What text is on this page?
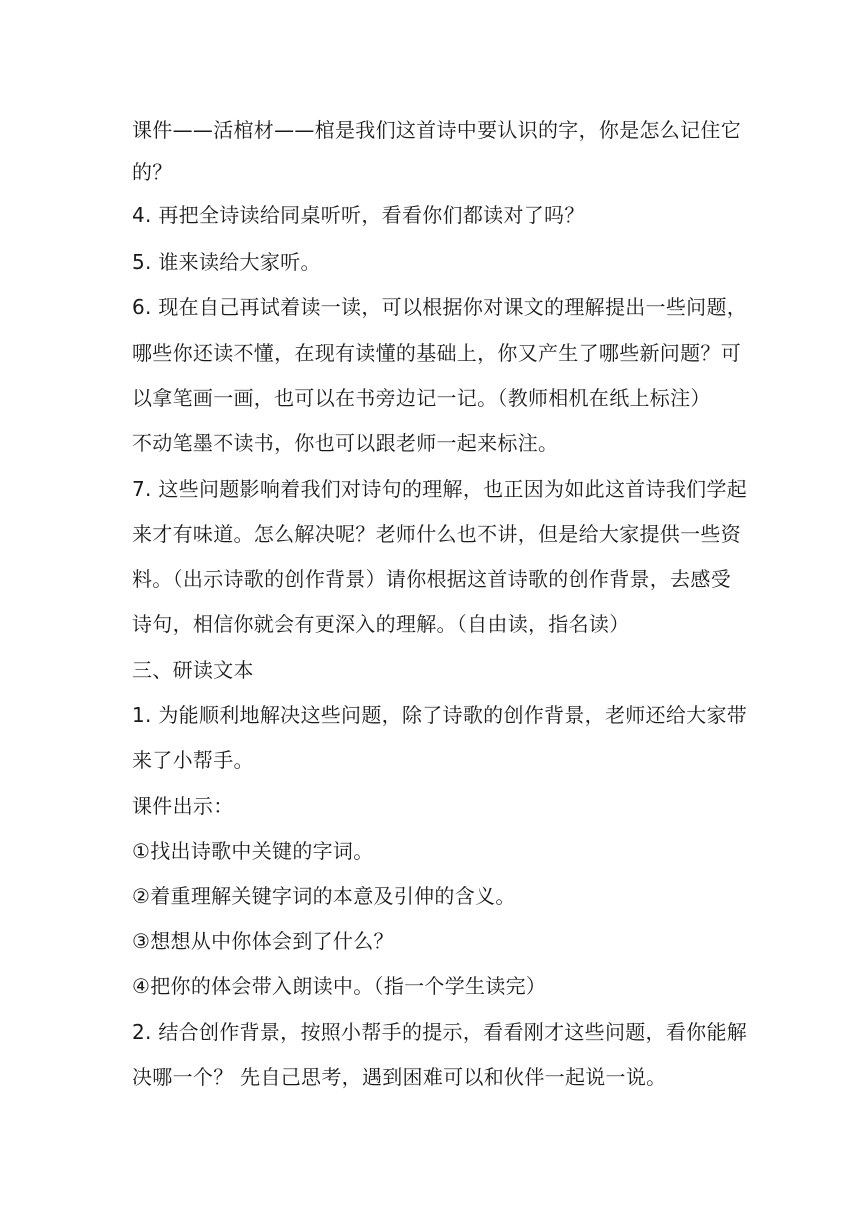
课件——活棺材——棺是我们这首诗中要认识的字，你是怎么记住它
的？
4. 再把全诗读给同桌听听，看看你们都读对了吗？
5. 谁来读给大家听。
6. 现在自己再试着读一读，可以根据你对课文的理解提出一些问题，
哪些你还读不懂，在现有读懂的基础上，你又产生了哪些新问题？可
以拿笔画一画，也可以在书旁边记一记。（教师相机在纸上标注）
不动笔墨不读书，你也可以跟老师一起来标注。
7. 这些问题影响着我们对诗句的理解，也正因为如此这首诗我们学起
来才有味道。怎么解决呢？老师什么也不讲，但是给大家提供一些资
料。（出示诗歌的创作背景）请你根据这首诗歌的创作背景，去感受
诗句，相信你就会有更深入的理解。（自由读，指名读）
三、研读文本
1. 为能顺利地解决这些问题，除了诗歌的创作背景，老师还给大家带
来了小帮手。
课件出示：
①找出诗歌中关键的字词。
②着重理解关键字词的本意及引伸的含义。
③想想从中你体会到了什么？
④把你的体会带入朗读中。（指一个学生读完）
2. 结合创作背景，按照小帮手的提示，看看刚才这些问题，看你能解
决哪一个？ 先自己思考，遇到困难可以和伙伴一起说一说。
